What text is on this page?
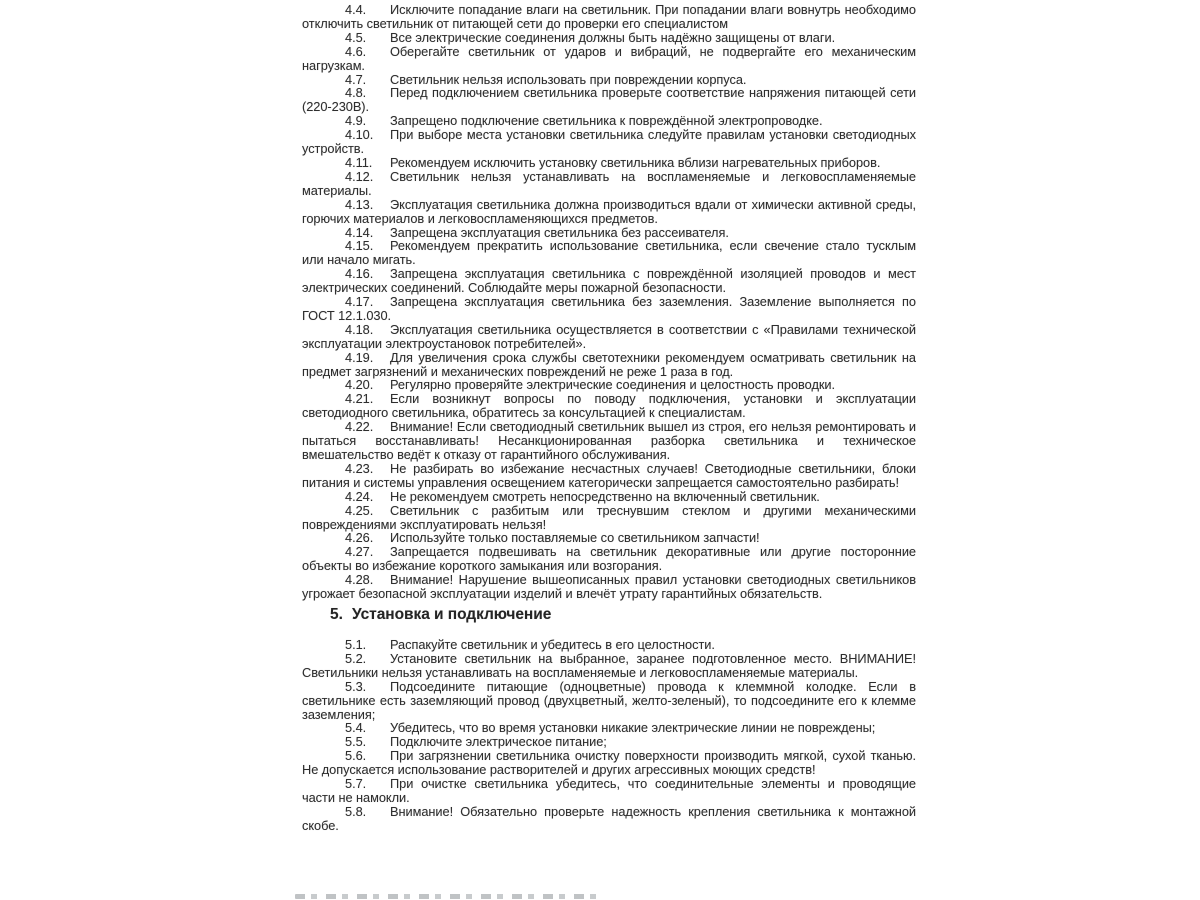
4.4. Исключите попадание влаги на светильник. При попадании влаги вовнутрь необходимо отключить светильник от питающей сети до проверки его специалистом

4.5. Все электрические соединения должны быть надёжно защищены от влаги.

4.6. Оберегайте светильник от ударов и вибраций, не подвергайте его механическим нагрузкам.

4.7. Светильник нельзя использовать при повреждении корпуса.

4.8. Перед подключением светильника проверьте соответствие напряжения питающей сети (220-230В).

4.9. Запрещено подключение светильника к повреждённой электропроводке.

4.10. При выборе места установки светильника следуйте правилам установки светодиодных устройств.

4.11. Рекомендуем исключить установку светильника вблизи нагревательных приборов.

4.12. Светильник нельзя устанавливать на воспламеняемые и легковоспламеняемые материалы.

4.13. Эксплуатация светильника должна производиться вдали от химически активной среды, горючих материалов и легковоспламеняющихся предметов.

4.14. Запрещена эксплуатация светильника без рассеивателя.

4.15. Рекомендуем прекратить использование светильника, если свечение стало тусклым или начало мигать.

4.16. Запрещена эксплуатация светильника с повреждённой изоляцией проводов и мест электрических соединений. Соблюдайте меры пожарной безопасности.

4.17. Запрещена эксплуатация светильника без заземления. Заземление выполняется по ГОСТ 12.1.030.

4.18. Эксплуатация светильника осуществляется в соответствии с «Правилами технической эксплуатации электроустановок потребителей».

4.19. Для увеличения срока службы светотехники рекомендуем осматривать светильник на предмет загрязнений и механических повреждений не реже 1 раза в год.

4.20. Регулярно проверяйте электрические соединения и целостность проводки.

4.21. Если возникнут вопросы по поводу подключения, установки и эксплуатации светодиодного светильника, обратитесь за консультацией к специалистам.

4.22. Внимание! Если светодиодный светильник вышел из строя, его нельзя ремонтировать и пытаться восстанавливать! Несанкционированная разборка светильника и техническое вмешательство ведёт к отказу от гарантийного обслуживания.

4.23. Не разбирать во избежание несчастных случаев! Светодиодные светильники, блоки питания и системы управления освещением категорически запрещается самостоятельно разбирать!

4.24. Не рекомендуем смотреть непосредственно на включенный светильник.

4.25. Светильник с разбитым или треснувшим стеклом и другими механическими повреждениями эксплуатировать нельзя!

4.26. Используйте только поставляемые со светильником запчасти!

4.27. Запрещается подвешивать на светильник декоративные или другие посторонние объекты во избежание короткого замыкания или возгорания.

4.28. Внимание! Нарушение вышеописанных правил установки светодиодных светильников угрожает безопасной эксплуатации изделий и влечёт утрату гарантийных обязательств.

5. Установка и подключение

5.1. Распакуйте светильник и убедитесь в его целостности.

5.2. Установите светильник на выбранное, заранее подготовленное место. ВНИМАНИЕ! Светильники нельзя устанавливать на воспламеняемые и легковоспламеняемые материалы.

5.3. Подсоедините питающие (одноцветные) провода к клеммной колодке. Если в светильнике есть заземляющий провод (двухцветный, желто-зеленый), то подсоедините его к клемме заземления;

5.4. Убедитесь, что во время установки никакие электрические линии не повреждены;

5.5. Подключите электрическое питание;

5.6. При загрязнении светильника очистку поверхности производить мягкой, сухой тканью. Не допускается использование растворителей и других агрессивных моющих средств!

5.7. При очистке светильника убедитесь, что соединительные элементы и проводящие части не намокли.

5.8. Внимание! Обязательно проверьте надежность крепления светильника к монтажной скобе.
